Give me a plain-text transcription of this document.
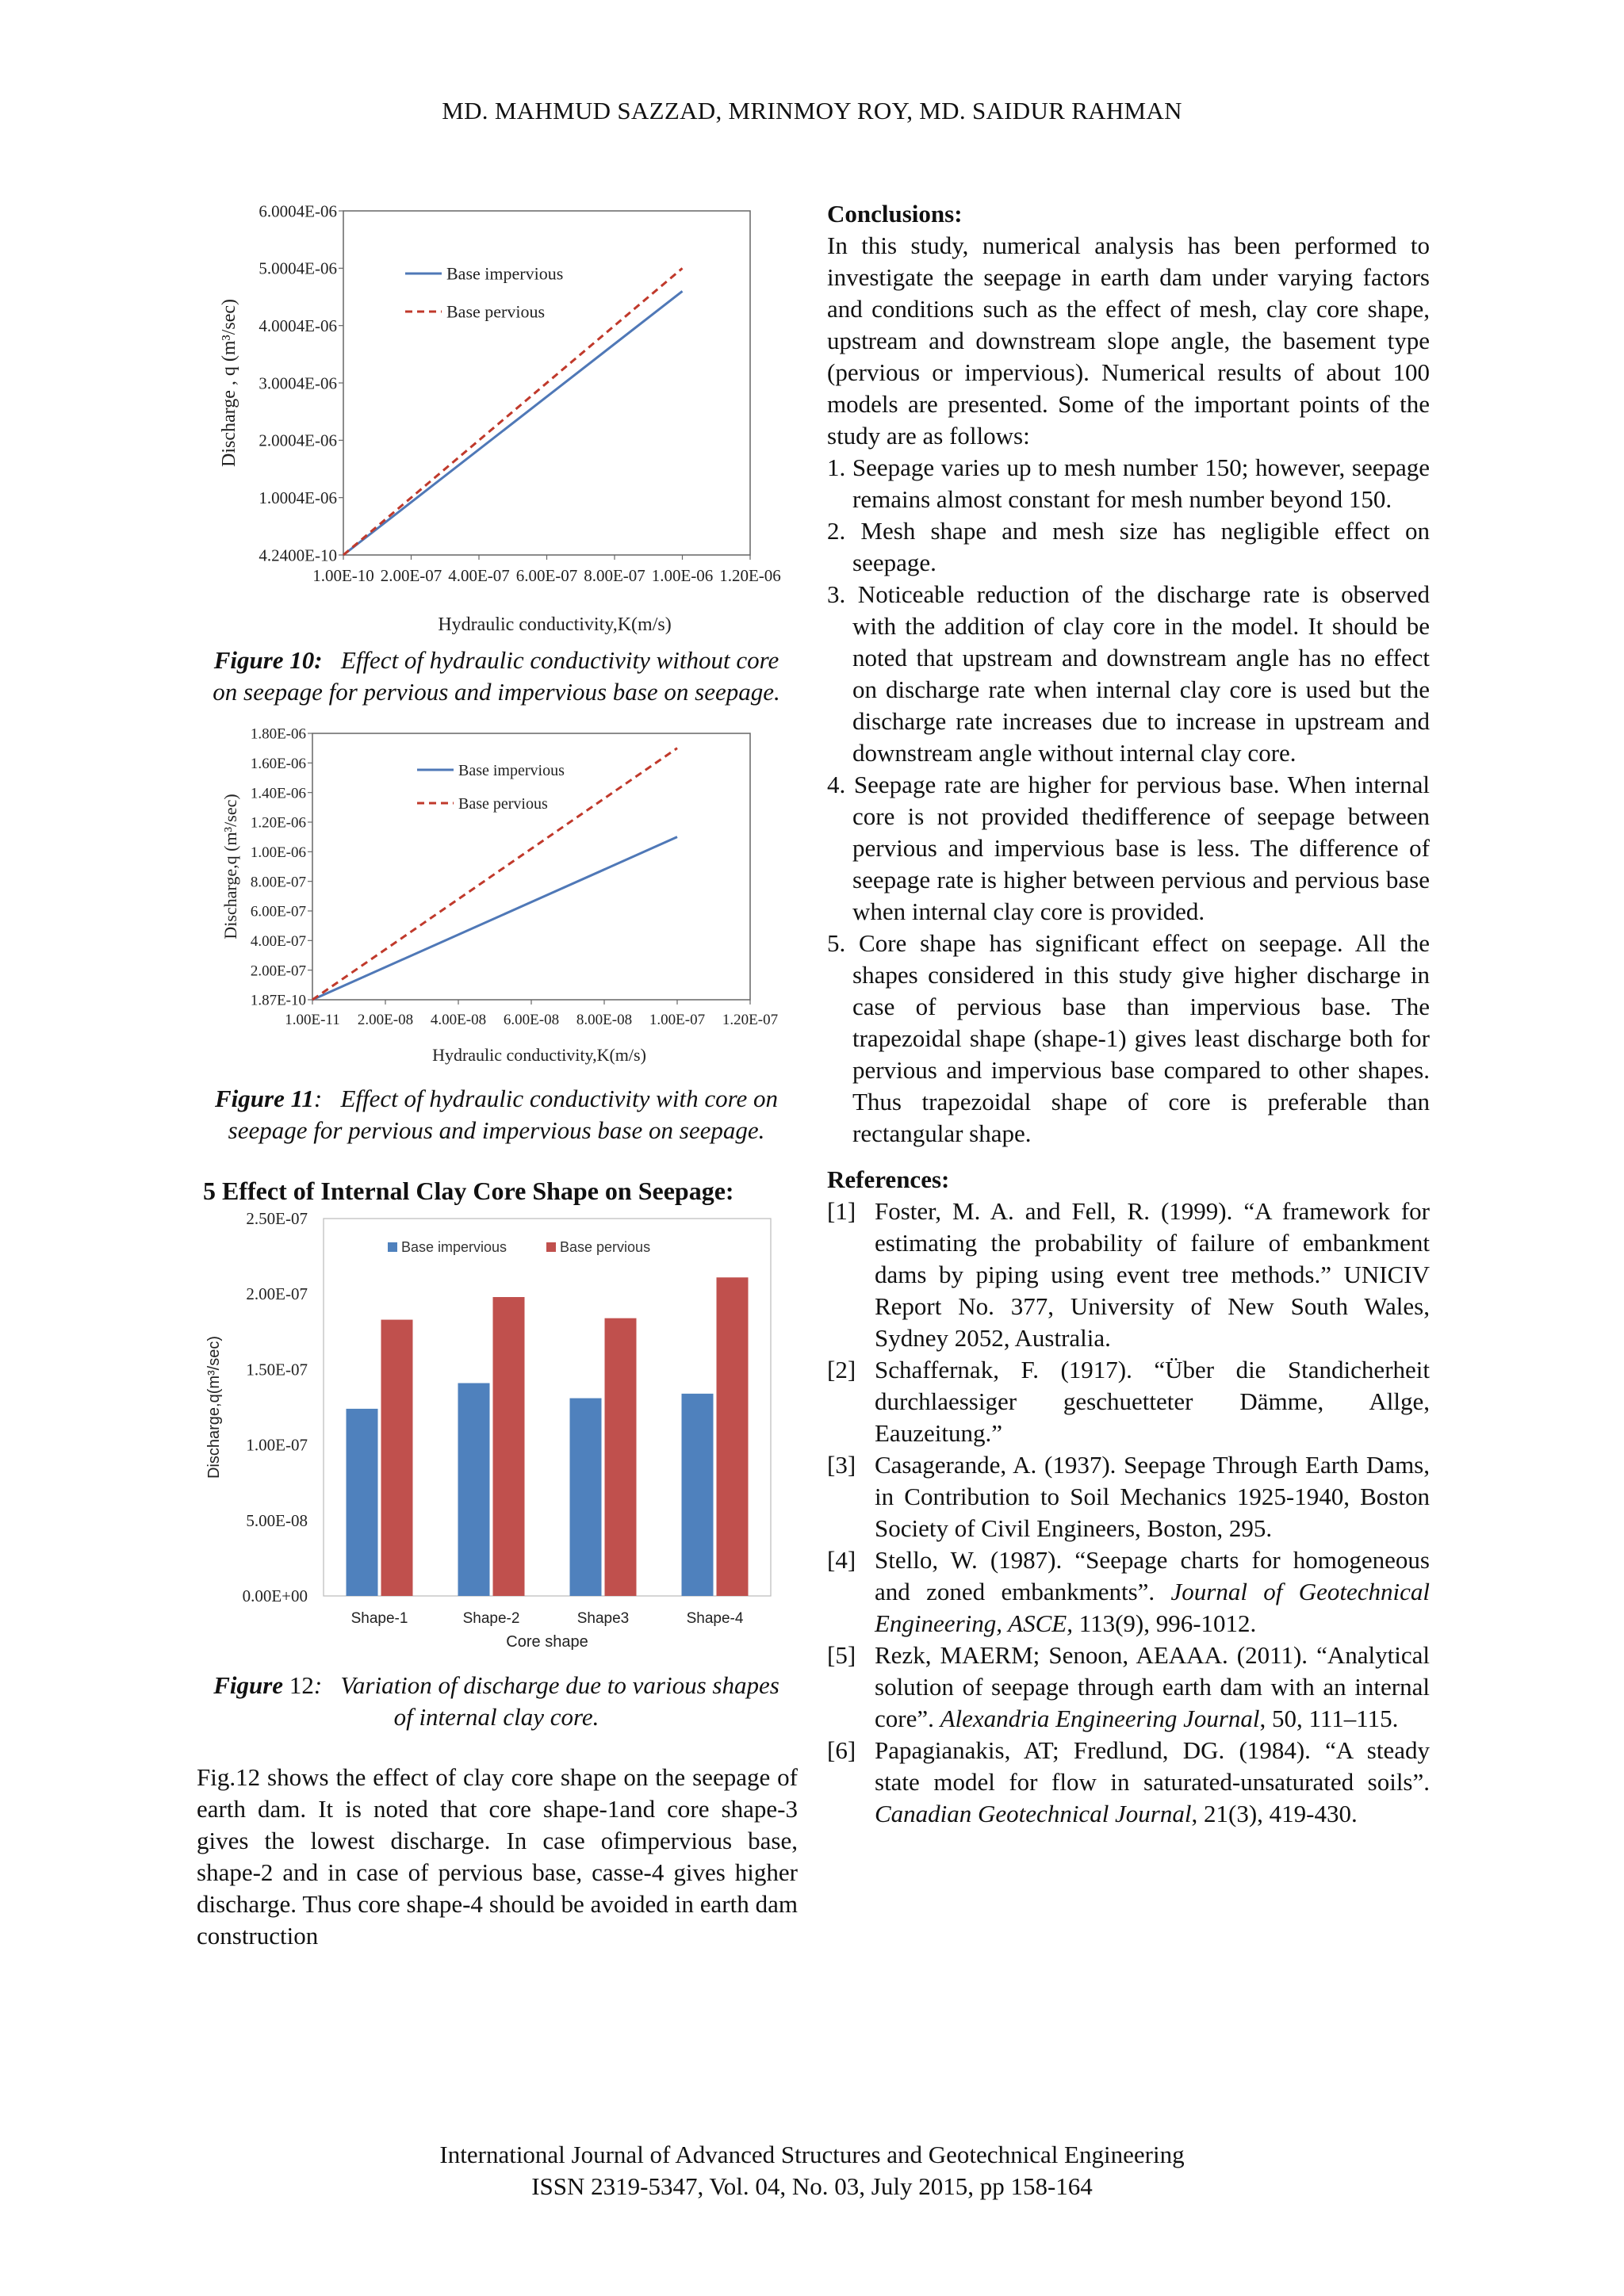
MD. MAHMUD SAZZAD, MRINMOY ROY, MD. SAIDUR RAHMAN
4.2400E-10
1.0004E-06
2.0004E-06
3.0004E-06
4.0004E-06
5.0004E-06
6.0004E-06
1.00E-10 2.00E-07 4.00E-07 6.00E-07 8.00E-07 1.00E-06 1.20E-06
Base impervious
Base pervious
Hydraulic conductivity,K(m/s)
Discharge , q (m³/sec)
Figure 10: Effect of hydraulic conductivity without core on seepage for pervious and impervious base on seepage.
1.87E-10
2.00E-07
4.00E-07
6.00E-07
8.00E-07
1.00E-06
1.20E-06
1.40E-06
1.60E-06
1.80E-06
1.00E-11 2.00E-08 4.00E-08 6.00E-08 8.00E-08 1.00E-07 1.20E-07
Base impervious
Base pervious
Hydraulic conductivity,K(m/s)
Discharge,q (m³/sec)
Figure 11: Effect of hydraulic conductivity with core on seepage for pervious and impervious base on seepage.
5 Effect of Internal Clay Core Shape on Seepage:
0.00E+00
5.00E-08
1.00E-07
1.50E-07
2.00E-07
2.50E-07
Shape-1	Shape-2	Shape3	Shape-4
Base impervious	Base pervious
Core shape
Discharge,q(m³/sec)
Figure 12: Variation of discharge due to various shapes of internal clay core.
Fig.12 shows the effect of clay core shape on the seepage of earth dam. It is noted that core shape-1and core shape-3 gives the lowest discharge. In case ofimpervious base, shape-2 and in case of pervious base, casse-4 gives higher discharge. Thus core shape-4 should be avoided in earth dam construction
Conclusions:
In this study, numerical analysis has been performed to investigate the seepage in earth dam under varying factors and conditions such as the effect of mesh, clay core shape, upstream and downstream slope angle, the basement type (pervious or impervious). Numerical results of about 100 models are presented. Some of the important points of the study are as follows:
1. Seepage varies up to mesh number 150; however, seepage remains almost constant for mesh number beyond 150.
2. Mesh shape and mesh size has negligible effect on seepage.
3. Noticeable reduction of the discharge rate is observed with the addition of clay core in the model. It should be noted that upstream and downstream angle has no effect on discharge rate when internal clay core is used but the discharge rate increases due to increase in upstream and downstream angle without internal clay core.
4. Seepage rate are higher for pervious base. When internal core is not provided thedifference of seepage between pervious and impervious base is less. The difference of seepage rate is higher between pervious and pervious base when internal clay core is provided.
5. Core shape has significant effect on seepage. All the shapes considered in this study give higher discharge in case of pervious base than impervious base. The trapezoidal shape (shape-1) gives least discharge both for pervious and impervious base compared to other shapes. Thus trapezoidal shape of core is preferable than rectangular shape.
References:
[1] Foster, M. A. and Fell, R. (1999). “A framework for estimating the probability of failure of embankment dams by piping using event tree methods.” UNICIV Report No. 377, University of New South Wales, Sydney 2052, Australia.
[2] Schaffernak, F. (1917). “Über die Standicherheit durchlaessiger geschuetteter Dämme, Allge, Eauzeitung.”
[3] Casagerande, A. (1937). Seepage Through Earth Dams, in Contribution to Soil Mechanics 1925-1940, Boston Society of Civil Engineers, Boston, 295.
[4] Stello, W. (1987). “Seepage charts for homogeneous and zoned embankments”. Journal of Geotechnical Engineering, ASCE, 113(9), 996-1012.
[5] Rezk, MAERM; Senoon, AEAAA. (2011). “Analytical solution of seepage through earth dam with an internal core”. Alexandria Engineering Journal, 50, 111–115.
[6] Papagianakis, AT; Fredlund, DG. (1984). “A steady state model for flow in saturated-unsaturated soils”. Canadian Geotechnical Journal, 21(3), 419-430.
International Journal of Advanced Structures and Geotechnical Engineering
ISSN 2319-5347, Vol. 04, No. 03, July 2015, pp 158-164
